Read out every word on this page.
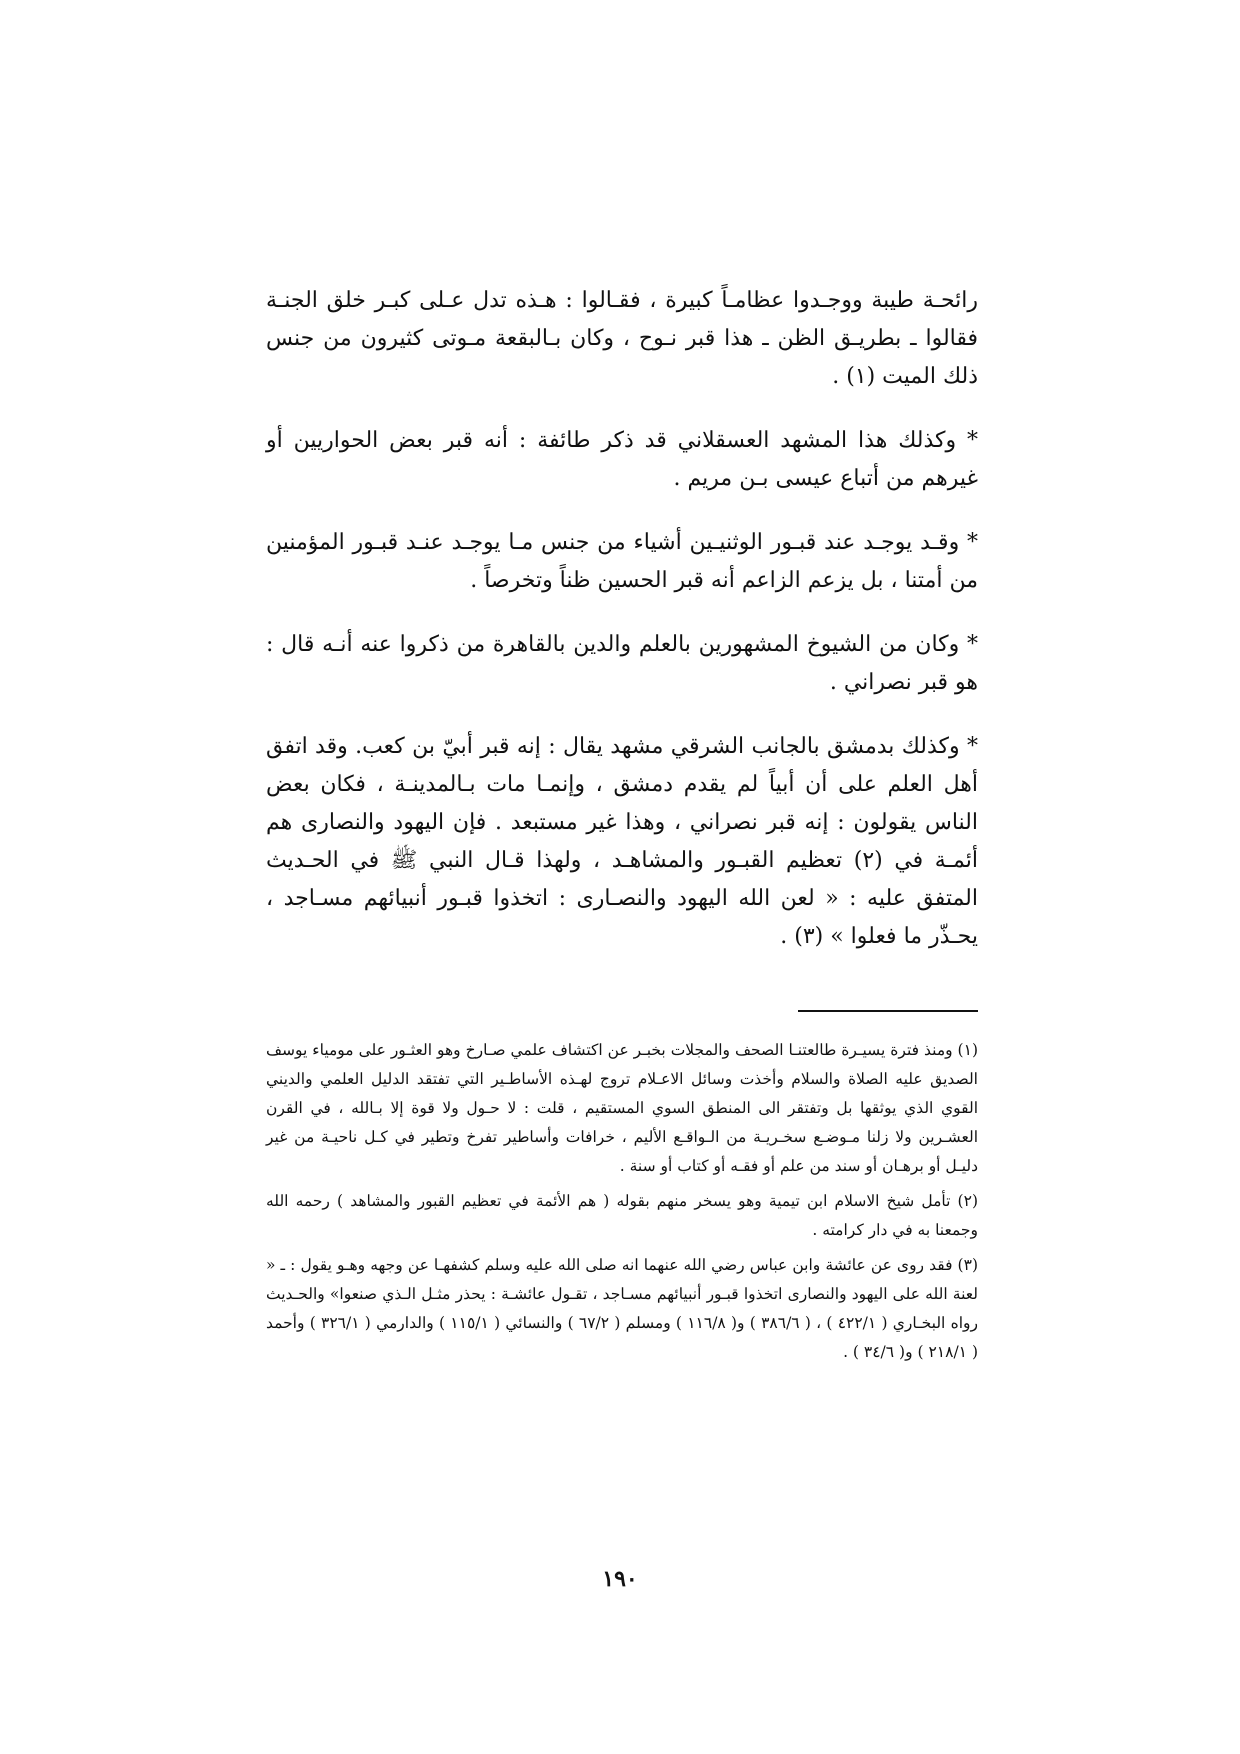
رائحـة طيبة ووجـدوا عظامـاً كبيرة ، فقـالوا : هـذه تدل عـلى كبـر خلق الجنـة فقالوا ـ بطريـق الظن ـ هذا قبر نـوح ، وكان بـالبقعة مـوتى كثيرون من جنس ذلك الميت (١) .

* وكذلك هذا المشهد العسقلاني قد ذكر طائفة : أنه قبر بعض الحواريين أو غيرهم من أتباع عيسى بـن مريم .

* وقـد يوجـد عند قبـور الوثنيـين أشياء من جنس مـا يوجـد عنـد قبـور المؤمنين من أمتنا ، بل يزعم الزاعم أنه قبر الحسين ظناً وتخرصاً .

* وكان من الشيوخ المشهورين بالعلم والدين بالقاهرة من ذكروا عنه أنـه قال : هو قبر نصراني .

* وكذلك بدمشق بالجانب الشرقي مشهد يقال : إنه قبر أبيّ بن كعب. وقد اتفق أهل العلم على أن أبياً لم يقدم دمشق ، وإنمـا مات بـالمدينـة ، فكان بعض الناس يقولون : إنه قبر نصراني ، وهذا غير مستبعد . فإن اليهود والنصارى هم أئمـة في (٢) تعظيم القبـور والمشاهـد ، ولهذا قـال النبي ﷺ في الحـديث المتفق عليه : « لعن الله اليهود والنصـارى : اتخذوا قبـور أنبيائهم مسـاجد ، يحـذّر ما فعلوا » (٣) .

(١) ومنذ فترة يسيـرة طالعتنـا الصحف والمجلات بخبـر عن اكتشاف علمي صـارخ وهو العثـور على مومياء يوسف الصديق عليه الصلاة والسلام وأخذت وسائل الاعـلام تروج لهـذه الأساطـير التي تفتقد الدليل العلمي والديني القوي الذي يوثقها بل وتفتقر الى المنطق السوي المستقيم ، قلت : لا حـول ولا قوة إلا بـالله ، في القرن العشـرين ولا زلنا مـوضـع سخـريـة من الـواقـع الأليم ، خرافات وأساطير تفرخ وتطير في كـل ناحيـة من غير دليـل أو برهـان أو سند من علم أو فقـه أو كتاب أو سنة .

(٢) تأمل شيخ الاسلام ابن تيمية وهو يسخر منهم بقوله ( هم الأئمة في تعظيم القبور والمشاهد ) رحمه الله وجمعنا به في دار كرامته .

(٣) فقد روى عن عائشة وابن عباس رضي الله عنهما انه صلى الله عليه وسلم كشفهـا عن وجهه وهـو يقول : ـ « لعنة الله على اليهود والنصارى اتخذوا قبـور أنبيائهم مسـاجد ، تقـول عائشـة : يحذر مثـل الـذي صنعوا» والحـديث رواه البخـاري ( ٤٢٢/١ ) ، ( ٣٨٦/٦ ) و( ١١٦/٨ ) ومسلم ( ٦٧/٢ ) والنسائي ( ١١٥/١ ) والدارمي ( ٣٢٦/١ ) وأحمد ( ٢١٨/١ ) و( ٣٤/٦ ) .

١٩٠
